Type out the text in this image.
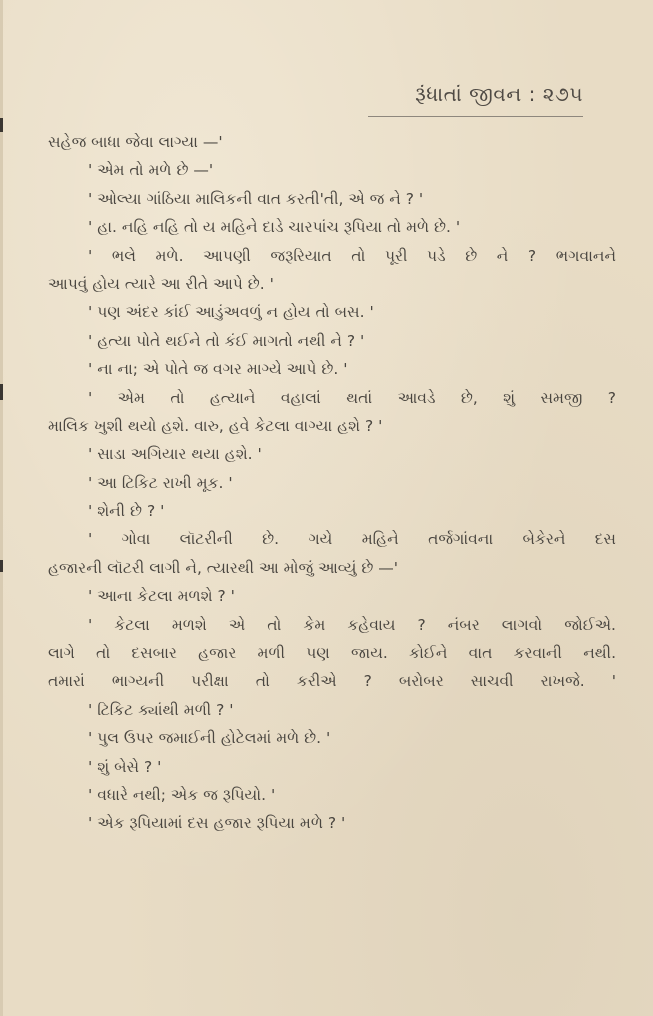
રૂંધાતાં જીવન : ૨૭૫
સહેજ બાધા જેવા લાગ્યા —'
' એમ તો મળે છે —'
' ઓલ્યા ગાંઠિયા માલિકની વાત કરતી'તી, એ જ ને ? '
' હા. નહિ નહિ તો ય મહિને દાડે ચારપાંચ રૂપિયા તો મળે છે. '
' ભલે મળે. આપણી જરૂરિયાત તો પૂરી પડે છે ને ? ભગવાનને
આપવું હોય ત્યારે આ રીતે આપે છે. '
' પણ અંદર કાંઈ આડુંઅવળું ન હોય તો બસ. '
' હત્યા પોતે થઈને તો કંઈ માગતો નથી ને ? '
' ના ના; એ પોતે જ વગર માગ્યે આપે છે. '
' એમ તો હત્યાને વહાલાં થતાં આવડે છે, શું સમજી ?
માલિક ખુશી થયો હશે. વારુ, હવે કેટલા વાગ્યા હશે ? '
' સાડા અગિયાર થયા હશે. '
' આ ટિકિટ રાખી મૂક. '
' શેની છે ? '
' ગોવા લૉટરીની છે. ગયે મહિને તર્જગાંવના બેકેરને દસ
હજારની લૉટરી લાગી ને, ત્યારથી આ મોજું આવ્યું છે —'
' આના કેટલા મળશે ? '
' કેટલા મળશે એ તો કેમ કહેવાય ? નંબર લાગવો જોઈએ.
લાગે તો દસબાર હજાર મળી પણ જાય. કોઈને વાત કરવાની નથી.
તમારાં ભાગ્યની પરીક્ષા તો કરીએ ? બરોબર સાચવી રાખજે. '
' ટિકિટ ક્યાંથી મળી ? '
' પુલ ઉપર જમાઈની હોટેલમાં મળે છે. '
' શું બેસે ? '
' વધારે નથી; એક જ રૂપિયો. '
' એક રૂપિયામાં દસ હજાર રૂપિયા મળે ? '
